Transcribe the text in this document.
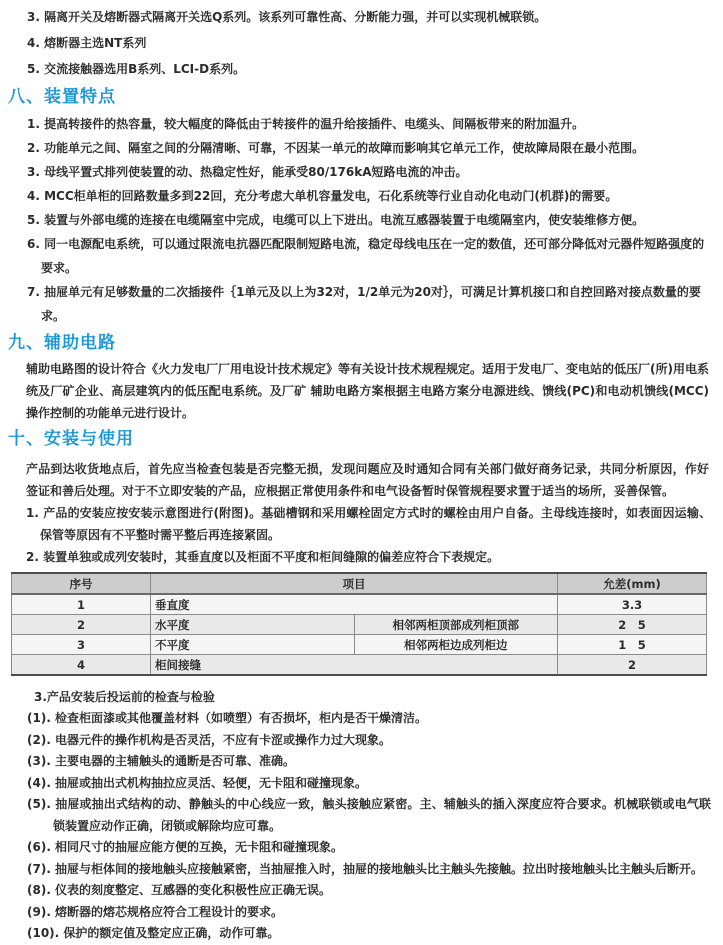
3. 隔离开关及熔断器式隔离开关选Q系列。该系列可靠性高、分断能力强，并可以实现机械联锁。
4. 熔断器主选NT系列
5. 交流接触器选用B系列、LCI-D系列。
八、装置特点
1. 提高转接件的热容量，较大幅度的降低由于转接件的温升给接插件、电缆头、间隔板带来的附加温升。
2. 功能单元之间、隔室之间的分隔清晰、可靠，不因某一单元的故障而影响其它单元工作，使故障局限在最小范围。
3. 母线平置式排列使装置的动、热稳定性好，能承受80/176kA短路电流的冲击。
4. MCC柜单柜的回路数量多到22回，充分考虑大单机容量发电，石化系统等行业自动化电动门(机群)的需要。
5. 装置与外部电缆的连接在电缆隔室中完成，电缆可以上下进出。电流互感器装置于电缆隔室内，使安装维修方便。
6. 同一电源配电系统，可以通过限流电抗器匹配限制短路电流，稳定母线电压在一定的数值，还可部分降低对元器件短路强度的要求。
7. 抽屉单元有足够数量的二次插接件｛1单元及以上为32对，1/2单元为20对｝，可满足计算机接口和自控回路对接点数量的要求。
九、辅助电路
辅助电路图的设计符合《火力发电厂厂用电设计技术规定》等有关设计技术规程规定。适用于发电厂、变电站的低压厂(所)用电系统及厂矿企业、高层建筑内的低压配电系统。及厂矿 辅助电路方案根据主电路方案分电源进线、馈线(PC)和电动机馈线(MCC)操作控制的功能单元进行设计。
十、安装与使用
产品到达收货地点后，首先应当检查包装是否完整无损，发现问题应及时通知合同有关部门做好商务记录，共同分析原因，作好签证和善后处理。对于不立即安装的产品，应根据正常使用条件和电气设备暂时保管规程要求置于适当的场所，妥善保管。
1. 产品的安装应按安装示意图进行(附图)。基础槽钢和采用螺栓固定方式时的螺栓由用户自备。主母线连接时，如表面因运输、保管等原因有不平整时需平整后再连接紧固。
2. 装置单独或成列安装时，其垂直度以及柜面不平度和柜间缝隙的偏差应符合下表规定。
序号	项目		允差(mm)
1	垂直度		3.3
2	水平度	相邻两柜顶部成列柜顶部	2　5
3	不平度	相邻两柜边成列柜边	1　5
4	柜间接缝		2
3.产品安装后投运前的检查与检验
(1). 检查柜面漆或其他覆盖材料（如喷塑）有否损坏，柜内是否干燥清洁。
(2). 电器元件的操作机构是否灵活，不应有卡涩或操作力过大现象。
(3). 主要电器的主辅触头的通断是否可靠、准确。
(4). 抽屉或抽出式机构抽拉应灵活、轻便，无卡阻和碰撞现象。
(5). 抽屉或抽出式结构的动、静触头的中心线应一致，触头接触应紧密。主、辅触头的插入深度应符合要求。机械联锁或电气联锁装置应动作正确，闭锁或解除均应可靠。
(6). 相同尺寸的抽屉应能方便的互换，无卡阻和碰撞现象。
(7). 抽屉与柜体间的接地触头应接触紧密，当抽屉推入时，抽屉的接地触头比主触头先接触。拉出时接地触头比主触头后断开。
(8). 仪表的刻度整定、互感器的变化积极性应正确无误。
(9). 熔断器的熔芯规格应符合工程设计的要求。
(10). 保护的额定值及整定应正确，动作可靠。
